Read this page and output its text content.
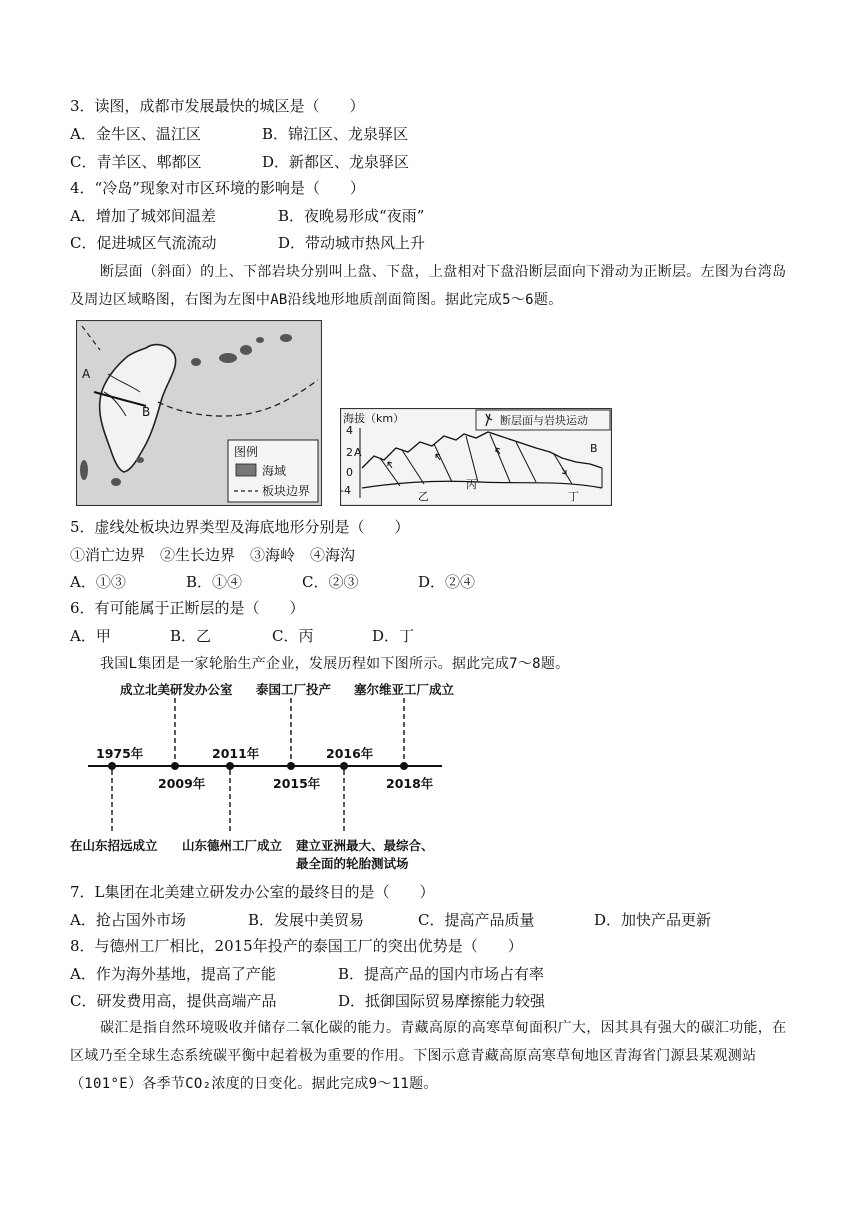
3．读图，成都市发展最快的城区是（　　）
A．金牛区、温江区	B．锦江区、龙泉驿区
C．青羊区、郫都区	D．新都区、龙泉驿区
4．“冷岛”现象对市区环境的影响是（　　）
A．增加了城郊间温差	B．夜晚易形成“夜雨”
C．促进城区气流流动	D．带动城市热风上升

断层面（斜面）的上、下部岩块分别叫上盘、下盘，上盘相对下盘沿断层面向下滑动为正断层。左图为台湾岛及周边区域略图，右图为左图中AB沿线地形地质剖面简图。据此完成5～6题。

A
B
图例
海域
板块边界
海拔（km）	断层面与岩块运动
4
2 A
0
-4
B
乙
丙
丁
5．虚线处板块边界类型及海底地形分别是（　　）
①消亡边界　②生长边界　③海岭　④海沟
A．①③	B．①④	C．②③	D．②④
6．有可能属于正断层的是（　　）
A．甲	B．乙	C．丙	D．丁

我国L集团是一家轮胎生产企业，发展历程如下图所示。据此完成7～8题。

成立北美研发办公室 泰国工厂投产 塞尔维亚工厂成立
1975年	2011年	2016年
2009年	2015年	2018年
在山东招远成立 山东德州工厂成立 建立亚洲最大、最综合、
最全面的轮胎测试场
7．L集团在北美建立研发办公室的最终目的是（　　）
A．抢占国外市场	B．发展中美贸易	C．提高产品质量	D．加快产品更新
8．与德州工厂相比，2015年投产的泰国工厂的突出优势是（　　）
A．作为海外基地，提高了产能	B．提高产品的国内市场占有率
C．研发费用高，提供高端产品	D．抵御国际贸易摩擦能力较强

碳汇是指自然环境吸收并储存二氧化碳的能力。青藏高原的高寒草甸面积广大，因其具有强大的碳汇功能，在区域乃至全球生态系统碳平衡中起着极为重要的作用。下图示意青藏高原高寒草甸地区青海省门源县某观测站（101°E）各季节CO₂浓度的日变化。据此完成9～11题。
